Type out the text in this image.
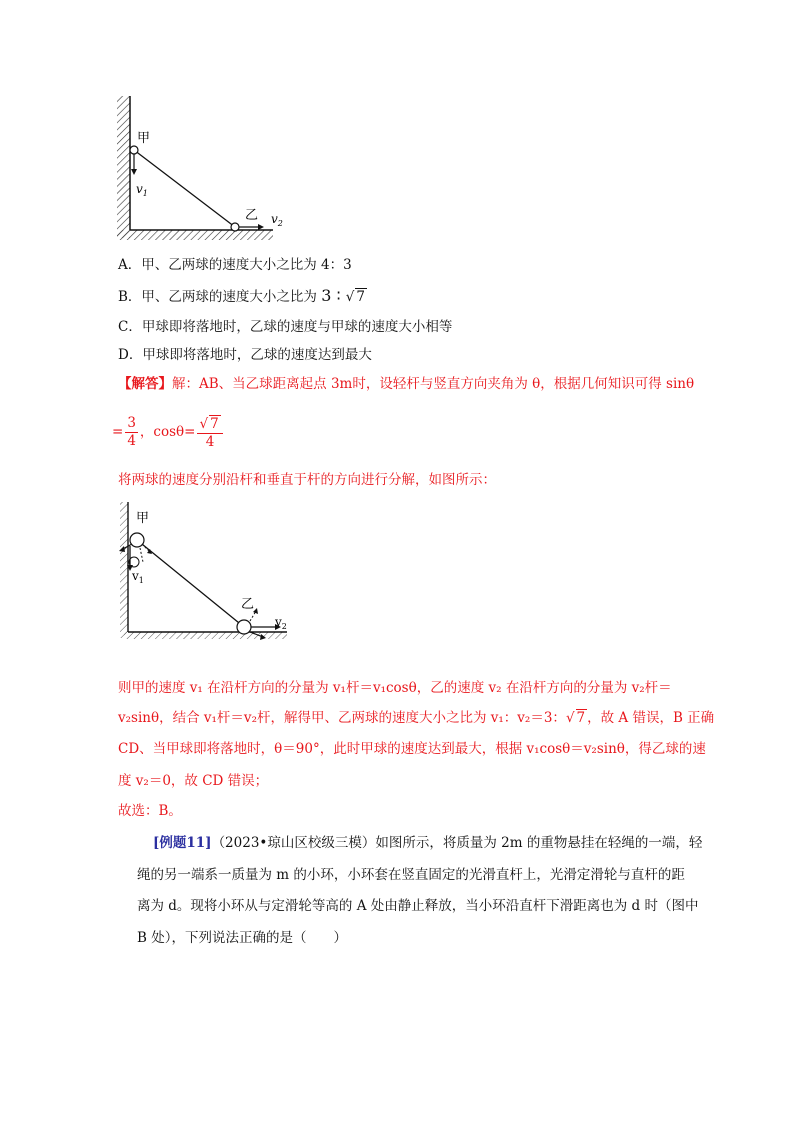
甲
$v_1$
乙 $v_2$
A．甲、乙两球的速度大小之比为 4：3
B．甲、乙两球的速度大小之比为 3 ∶ √ 7
C．甲球即将落地时，乙球的速度与甲球的速度大小相等
D．甲球即将落地时，乙球的速度达到最大
【解答】解：AB、当乙球距离起点 3m时，设轻杆与竖直方向夹角为 θ，根据几何知识可得 sinθ
= $\frac{3}{4}$ ，$\cos\theta= \frac{√ 7}{4}$
将两球的速度分别沿杆和垂直于杆的方向进行分解，如图所示：
甲
$v_1$
乙
$v_2$
则甲的速度 v₁ 在沿杆方向的分量为 v₁杆＝v₁cosθ，乙的速度 v₂ 在沿杆方向的分量为 v₂杆＝
v₂sinθ，结合 v₁杆＝v₂杆，解得甲、乙两球的速度大小之比为 v₁：v₂＝3：√ 7 ，故 A 错误，B 正确
CD、当甲球即将落地时，θ＝90°，此时甲球的速度达到最大，根据 v₁cosθ＝v₂sinθ，得乙球的速
度 v₂＝0，故 CD 错误；
故选：B。
[例题11]（2023•琼山区校级三模）如图所示，将质量为 2m 的重物悬挂在轻绳的一端，轻
绳的另一端系一质量为 m 的小环，小环套在竖直固定的光滑直杆上，光滑定滑轮与直杆的距
离为 d。现将小环从与定滑轮等高的 A 处由静止释放，当小环沿直杆下滑距离也为 d 时（图中
B 处），下列说法正确的是（　　）
